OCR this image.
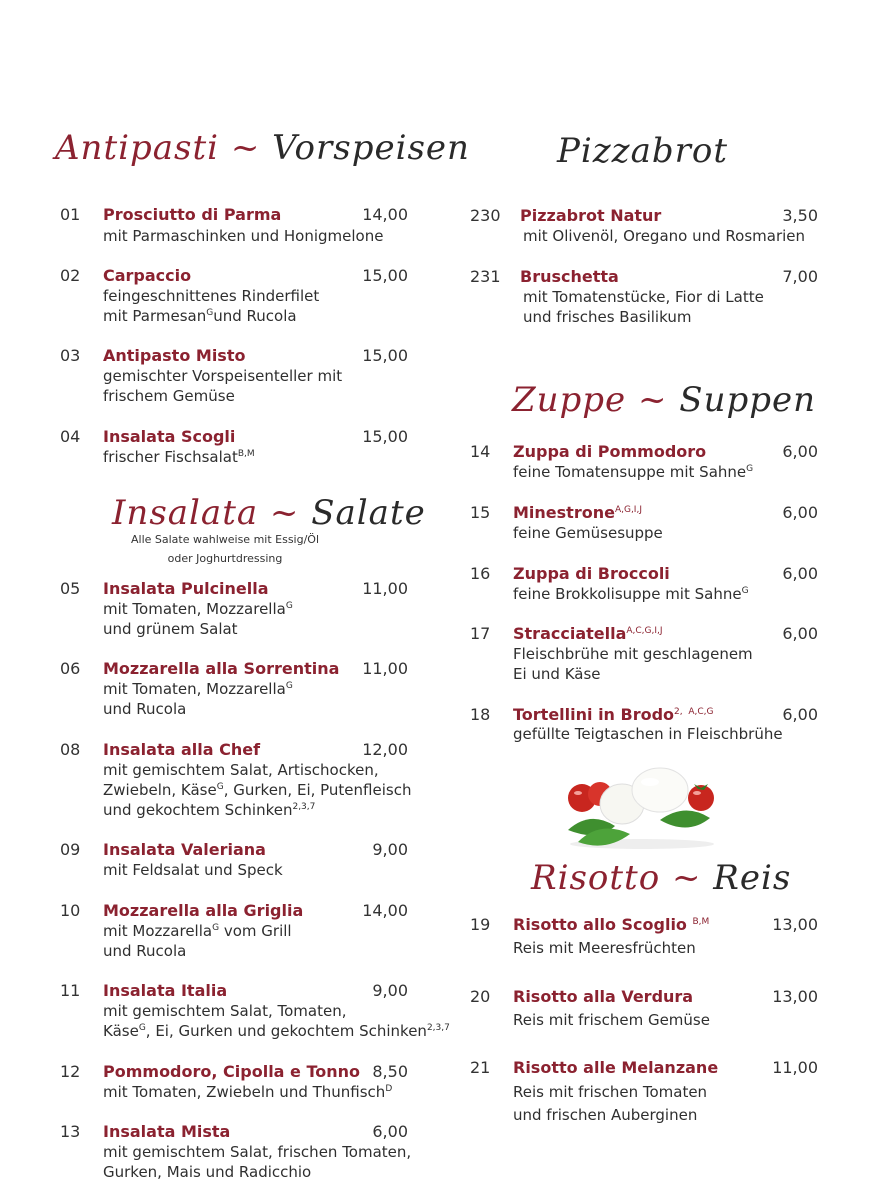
Antipasti ~ Vorspeisen
01 Prosciutto di Parma	14,00
mit Parmaschinken und Honigmelone
02 Carpaccio	15,00
feingeschnittenes Rinderfilet
mit Parmesan$^G$und Rucola
03 Antipasto Misto	15,00
gemischter Vorspeisenteller mit
frischem Gemüse
04 Insalata Scogli	15,00
frischer Fischsalat$^{B,M}$
Insalata ~ Salate
Alle Salate wahlweise mit Essig/Öl
oder Joghurtdressing
05 Insalata Pulcinella	11,00
mit Tomaten, Mozzarella$^G$
und grünem Salat
06 Mozzarella alla Sorrentina	11,00
mit Tomaten, Mozzarella$^G$
und Rucola
08 Insalata alla Chef	12,00
mit gemischtem Salat, Artischocken,
Zwiebeln, Käse$^G$, Gurken, Ei, Putenfleisch
und gekochtem Schinken$^{2,3,7}$
09 Insalata Valeriana	9,00
mit Feldsalat und Speck
10 Mozzarella alla Griglia	14,00
mit Mozzarella$^G$ vom Grill
und Rucola
11 Insalata Italia	9,00
mit gemischtem Salat, Tomaten,
Käse$^G$, Ei, Gurken und gekochtem Schinken$^{2,3,7}$
12 Pommodoro, Cipolla e Tonno 8,50
mit Tomaten, Zwiebeln und Thunfisch$^D$
13 Insalata Mista	6,00
mit gemischtem Salat, frischen Tomaten,
Gurken, Mais und Radicchio
Pizzabrot
230 Pizzabrot Natur	3,50
mit Olivenöl, Oregano und Rosmarien
231 Bruschetta	7,00
mit Tomatenstücke, Fior di Latte
und frisches Basilikum
Zuppe ~ Suppen
14 Zuppa di Pommodoro	6,00
feine Tomatensuppe mit Sahne$^G$
15 Minestrone$^{A,G,I,J}$	6,00
feine Gemüsesuppe
16 Zuppa di Broccoli	6,00
feine Brokkolisuppe mit Sahne$^G$
17 Stracciatella$^{A,C,G,I,J}$	6,00
Fleischbrühe mit geschlagenem
Ei und Käse
18 Tortellini in Brodo$^{2, A,C,G}$	6,00
gefüllte Teigtaschen in Fleischbrühe
Risotto ~ Reis
19 Risotto allo Scoglio $^{B,M}$	13,00
Reis mit Meeresfrüchten
20 Risotto alla Verdura	13,00
Reis mit frischem Gemüse
21 Risotto alle Melanzane	11,00
Reis mit frischen Tomaten
und frischen Auberginen
